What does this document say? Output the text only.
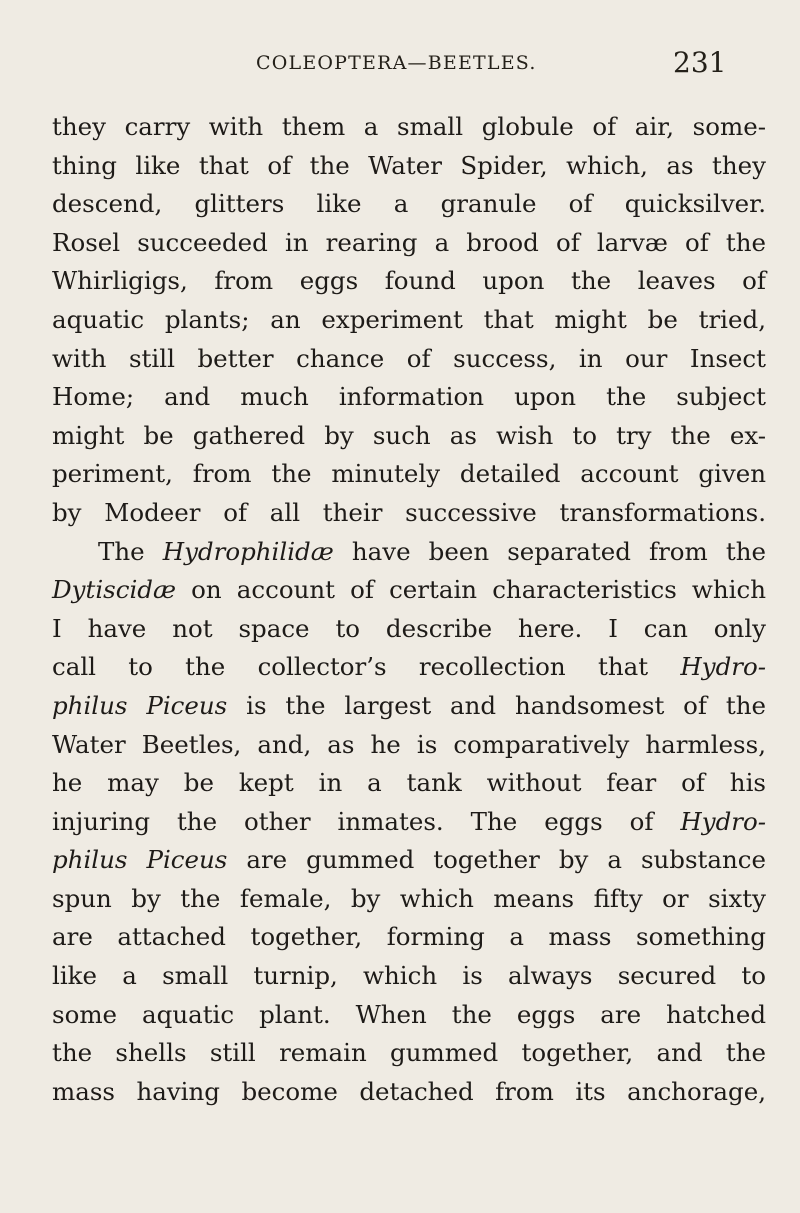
COLEOPTERA—BEETLES.	231
they carry with them a small globule of air, some-
thing like that of the Water Spider, which, as they
descend, glitters like a granule of quicksilver.
Rosel succeeded in rearing a brood of larvæ of the
Whirligigs, from eggs found upon the leaves of
aquatic plants; an experiment that might be tried,
with still better chance of success, in our Insect
Home; and much information upon the subject
might be gathered by such as wish to try the ex-
periment, from the minutely detailed account given
by Modeer of all their successive transformations.
The Hydrophilidæ have been separated from the
Dytiscidæ on account of certain characteristics which
I have not space to describe here. I can only
call to the collector’s recollection that Hydro-
philus Piceus is the largest and handsomest of the
Water Beetles, and, as he is comparatively harmless,
he may be kept in a tank without fear of his
injuring the other inmates. The eggs of Hydro-
philus Piceus are gummed together by a substance
spun by the female, by which means fifty or sixty
are attached together, forming a mass something
like a small turnip, which is always secured to
some aquatic plant. When the eggs are hatched
the shells still remain gummed together, and the
mass having become detached from its anchorage,
